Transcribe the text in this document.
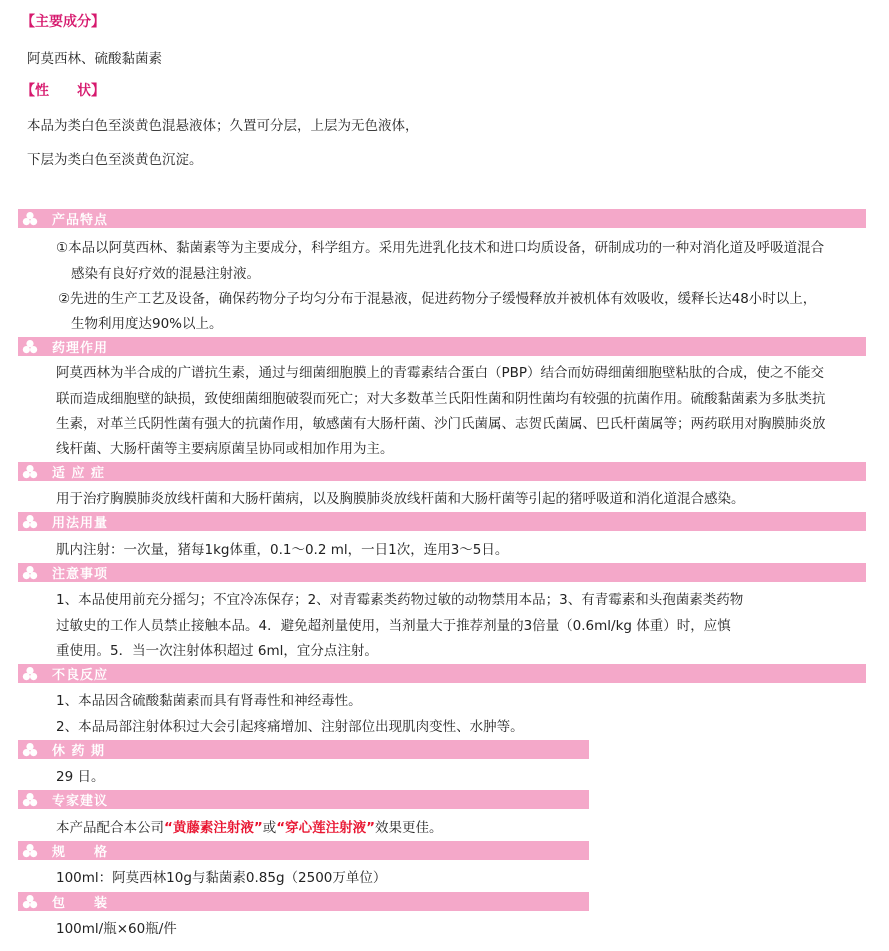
【主要成分】
阿莫西林、硫酸黏菌素
【性　　状】
本品为类白色至淡黄色混悬液体；久置可分层，上层为无色液体，
下层为类白色至淡黄色沉淀。
产品特点
①本品以阿莫西林、黏菌素等为主要成分，科学组方。采用先进乳化技术和进口均质设备，研制成功的一种对消化道及呼吸道混合
感染有良好疗效的混悬注射液。
②先进的生产工艺及设备，确保药物分子均匀分布于混悬液，促进药物分子缓慢释放并被机体有效吸收，缓释长达48小时以上，
生物利用度达90%以上。
药理作用
阿莫西林为半合成的广谱抗生素，通过与细菌细胞膜上的青霉素结合蛋白（PBP）结合而妨碍细菌细胞壁粘肽的合成，使之不能交
联而造成细胞壁的缺损，致使细菌细胞破裂而死亡；对大多数革兰氏阳性菌和阴性菌均有较强的抗菌作用。硫酸黏菌素为多肽类抗
生素，对革兰氏阴性菌有强大的抗菌作用，敏感菌有大肠杆菌、沙门氏菌属、志贺氏菌属、巴氏杆菌属等；两药联用对胸膜肺炎放
线杆菌、大肠杆菌等主要病原菌呈协同或相加作用为主。
适 应 症
用于治疗胸膜肺炎放线杆菌和大肠杆菌病，以及胸膜肺炎放线杆菌和大肠杆菌等引起的猪呼吸道和消化道混合感染。
用法用量
肌内注射：一次量，猪每1kg体重，0.1～0.2 ml，一日1次，连用3～5日。
注意事项
1、本品使用前充分摇匀；不宜冷冻保存；2、对青霉素类药物过敏的动物禁用本品；3、有青霉素和头孢菌素类药物
过敏史的工作人员禁止接触本品。4．避免超剂量使用，当剂量大于推荐剂量的3倍量（0.6ml/kg 体重）时，应慎
重使用。5．当一次注射体积超过 6ml，宜分点注射。
不良反应
1、本品因含硫酸黏菌素而具有肾毒性和神经毒性。
2、本品局部注射体积过大会引起疼痛增加、注射部位出现肌肉变性、水肿等。
休 药 期
29 日。
专家建议
本产品配合本公司“黄藤素注射液”或“穿心莲注射液”效果更佳。
规　　格
100ml：阿莫西林10g与黏菌素0.85g（2500万单位）
包　　装
100ml/瓶×60瓶/件
